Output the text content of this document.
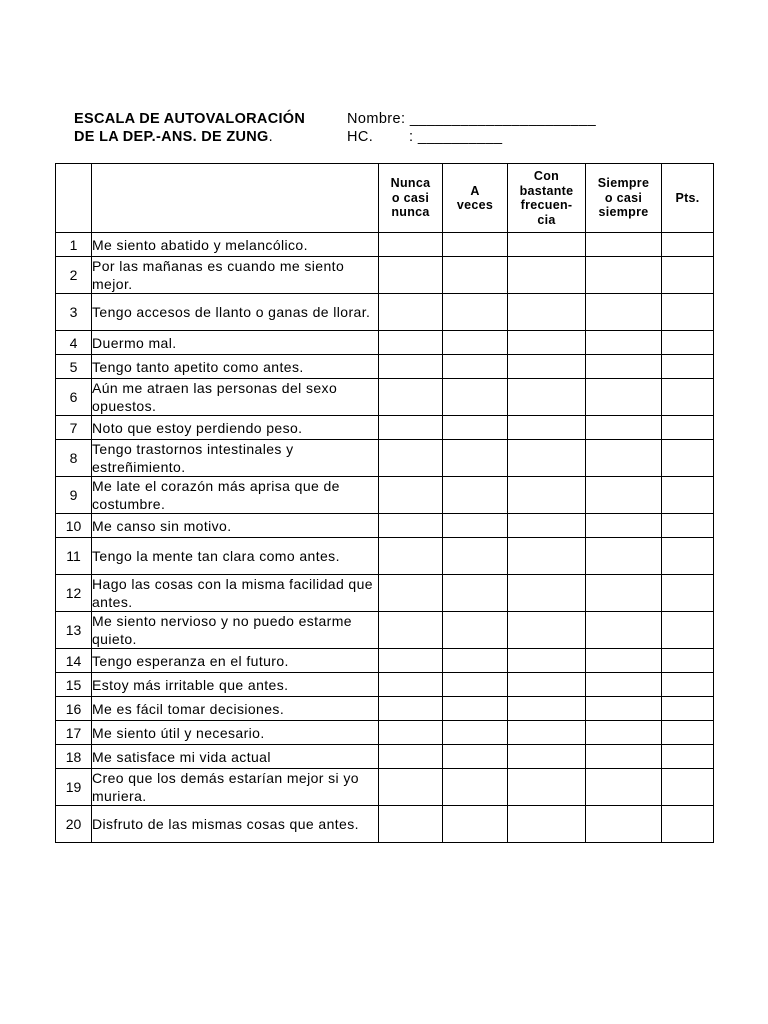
ESCALA DE AUTOVALORACIÓN	Nombre: ______________________
DE LA DEP.-ANS. DE ZUNG.	HC. : __________
		Nunca
o casi
nunca	A
veces	Con
bastante
frecuen-
cia	Siempre
o casi
siempre	Pts.
1	Me siento abatido y melancólico.					
2	Por las mañanas es cuando me siento mejor.					
3	Tengo accesos de llanto o ganas de llorar.					
4	Duermo mal.					
5	Tengo tanto apetito como antes.					
6	Aún me atraen las personas del sexo opuestos.					
7	Noto que estoy perdiendo peso.					
8	Tengo trastornos intestinales y estreñimiento.					
9	Me late el corazón más aprisa que de costumbre.					
10	Me canso sin motivo.					
11	Tengo la mente tan clara como antes.					
12	Hago las cosas con la misma facilidad que antes.					
13	Me siento nervioso y no puedo estarme quieto.					
14	Tengo esperanza en el futuro.					
15	Estoy más irritable que antes.					
16	Me es fácil tomar decisiones.					
17	Me siento útil y necesario.					
18	Me satisface mi vida actual					
19	Creo que los demás estarían mejor si yo muriera.					
20	Disfruto de las mismas cosas que antes.					
